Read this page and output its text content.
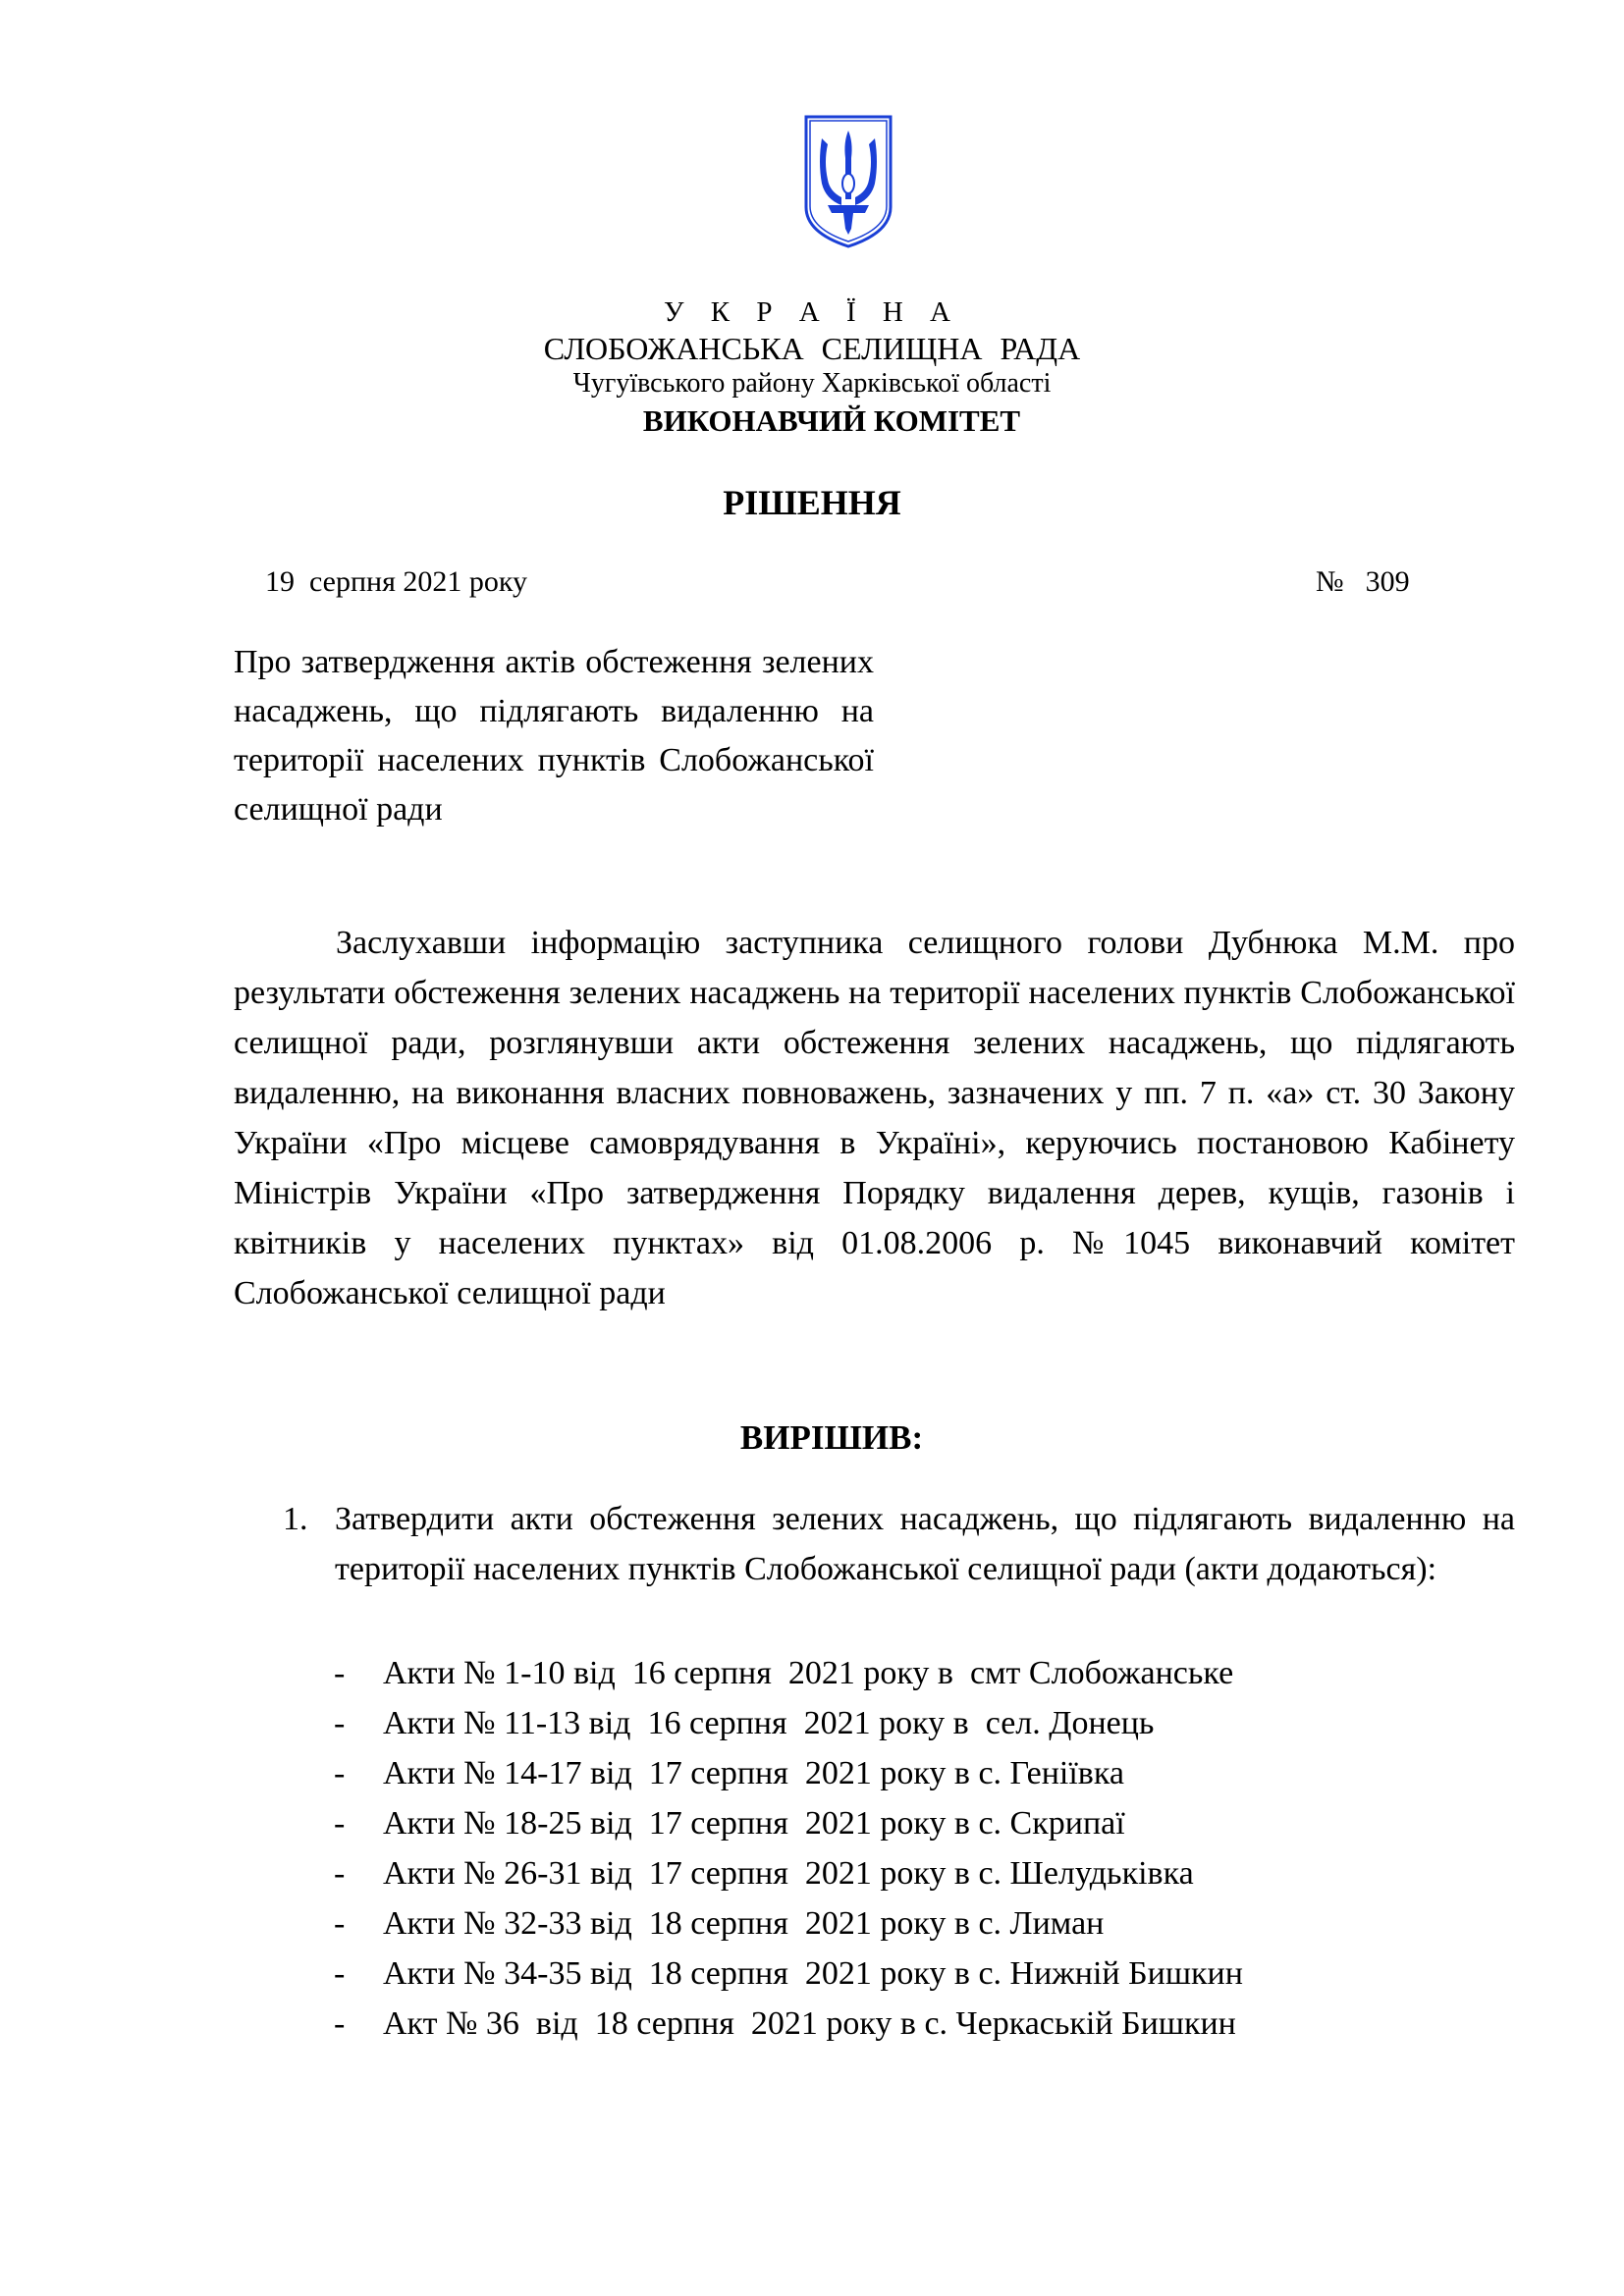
У К Р А Ї Н А

СЛОБОЖАНСЬКА СЕЛИЩНА РАДА

Чугуївського району Харківської області

ВИКОНАВЧИЙ КОМІТЕТ

РІШЕННЯ

19  серпня 2021 року	№ 309

Про затвердження актів обстеження зелених насаджень, що підлягають видаленню на території населених пунктів Слобожанської селищної ради

Заслухавши інформацію заступника селищного голови Дубнюка М.М. про результати обстеження зелених насаджень на території населених пунктів Слобожанської селищної ради, розглянувши акти обстеження зелених насаджень, що підлягають видаленню, на виконання власних повноважень, зазначених у пп. 7 п. «а» ст. 30 Закону України «Про місцеве самоврядування в Україні», керуючись постановою Кабінету Міністрів України «Про затвердження Порядку видалення дерев, кущів, газонів і квітників у населених пунктах» від 01.08.2006 р. №1045 виконавчий комітет Слобожанської селищної ради

ВИРІШИВ:

1. Затвердити акти обстеження зелених насаджень, що підлягають видаленню на території населених пунктів Слобожанської селищної ради (акти додаються):

- Акти № 1-10 від  16 серпня  2021 року в  смт Слобожанське
- Акти № 11-13 від  16 серпня  2021 року в  сел. Донець
- Акти № 14-17 від  17 серпня  2021 року в с. Геніївка
- Акти № 18-25 від  17 серпня  2021 року в с. Скрипаї
- Акти № 26-31 від  17 серпня  2021 року в с. Шелудьківка
- Акти № 32-33 від  18 серпня  2021 року в с. Лиман
- Акти № 34-35 від  18 серпня  2021 року в с. Нижній Бишкин
- Акт № 36  від  18 серпня  2021 року в с. Черкаській Бишкин
